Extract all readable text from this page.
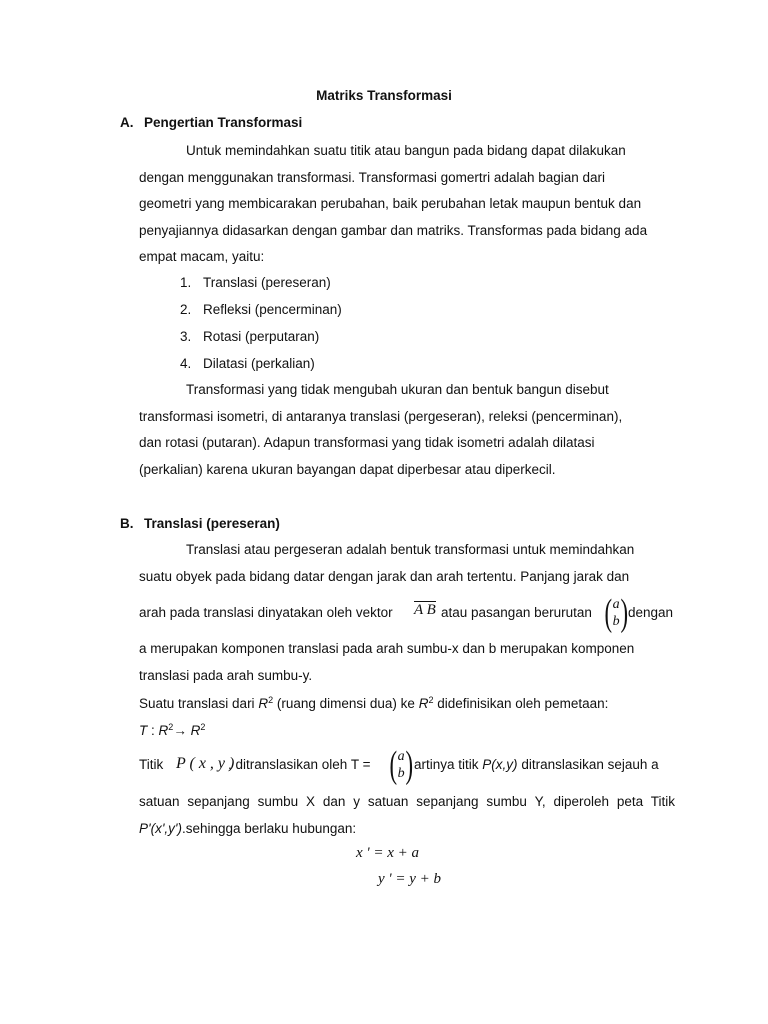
Matriks Transformasi
A. Pengertian Transformasi

Untuk memindahkan suatu titik atau bangun pada bidang dapat dilakukan

dengan menggunakan transformasi. Transformasi gomertri adalah bagian dari

geometri yang membicarakan perubahan, baik perubahan letak maupun bentuk dan

penyajiannya didasarkan dengan gambar dan matriks. Transformas pada bidang ada

empat macam, yaitu:

1. Translasi (pereseran)
2. Refleksi (pencerminan)
3. Rotasi (perputaran)
4. Dilatasi (perkalian)

Transformasi yang tidak mengubah ukuran dan bentuk bangun disebut

transformasi isometri, di antaranya translasi (pergeseran), releksi (pencerminan),

dan rotasi (putaran). Adapun transformasi yang tidak isometri adalah dilatasi

(perkalian) karena ukuran bayangan dapat diperbesar atau diperkecil.

B. Translasi (pereseran)

Translasi atau pergeseran adalah bentuk transformasi untuk memindahkan

suatu obyek pada bidang datar dengan jarak dan arah tertentu. Panjang jarak dan

arah pada translasi dinyatakan oleh vektor A B atau pasangan berurutan ( a
b ) dengan

a merupakan komponen translasi pada arah sumbu-x dan b merupakan komponen

translasi pada arah sumbu-y.

Suatu translasi dari $R^2$ (ruang dimensi dua) ke $R^2$ didefinisikan oleh pemetaan:
T : $R^2\to R^2$
Titik P ( x , y )
, ditranslasikan oleh T = ( a
b ) artinya titik P(x,y) ditranslasikan sejauh a
satuan sepanjang sumbu X dan y satuan sepanjang sumbu Y, diperoleh peta Titik
P'(x',y').sehingga berlaku hubungan:
x ' = x + a
y ' = y + b
